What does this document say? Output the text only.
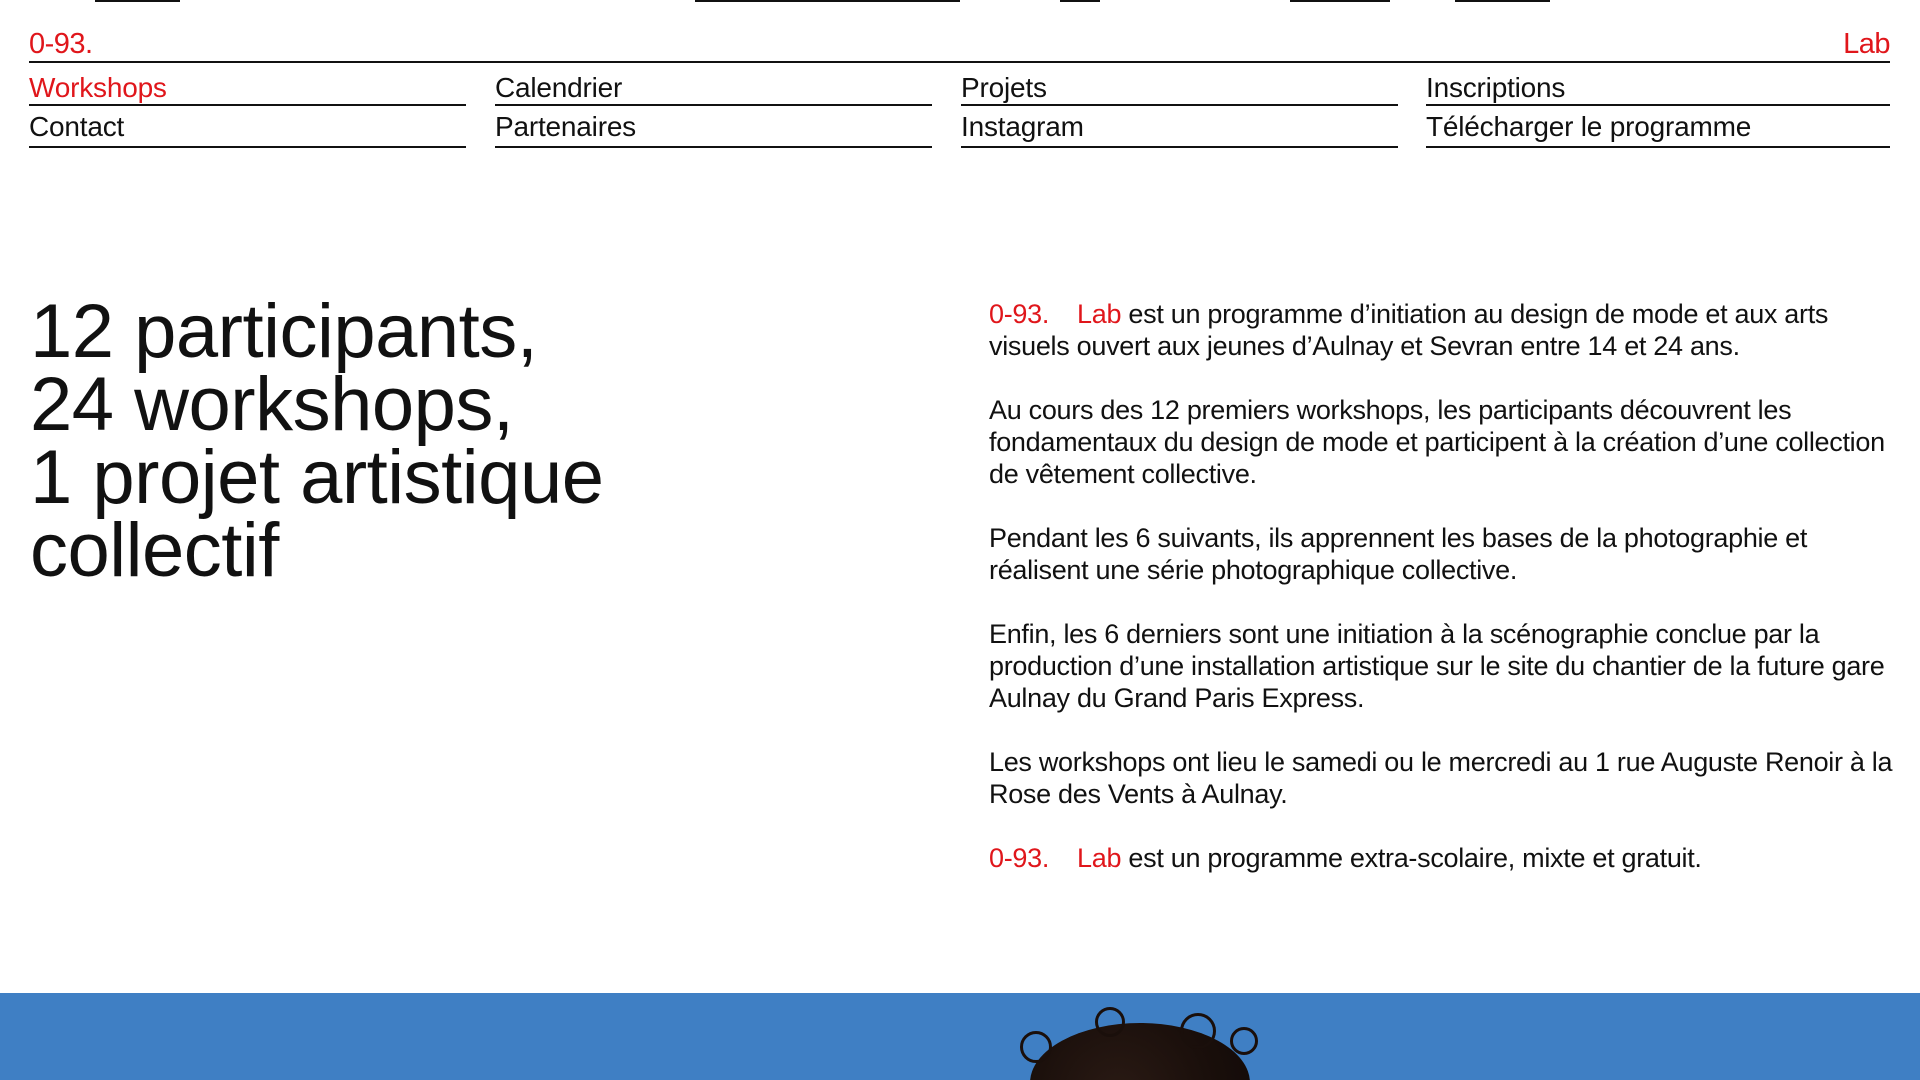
0-93.	Lab
Workshops
Contact
Calendrier
Partenaires
Projets
Instagram
Inscriptions
Télécharger le programme
12 participants,
24 workshops,
1 projet artistique
collectif

0-93. Lab est un programme d’initiation au design de mode et aux arts visuels ouvert aux jeunes d’Aulnay et Sevran entre 14 et 24 ans.

Au cours des 12 premiers workshops, les participants découvrent les fondamentaux du design de mode et participent à la création d’une collection de vêtement collective.

Pendant les 6 suivants, ils apprennent les bases de la photographie et réalisent une série photographique collective.

Enfin, les 6 derniers sont une initiation à la scénographie conclue par la production d’une installation artistique sur le site du chantier de la future gare Aulnay du Grand Paris Express.

Les workshops ont lieu le samedi ou le mercredi au 1 rue Auguste Renoir à la Rose des Vents à Aulnay.

0-93. Lab est un programme extra-scolaire, mixte et gratuit.
